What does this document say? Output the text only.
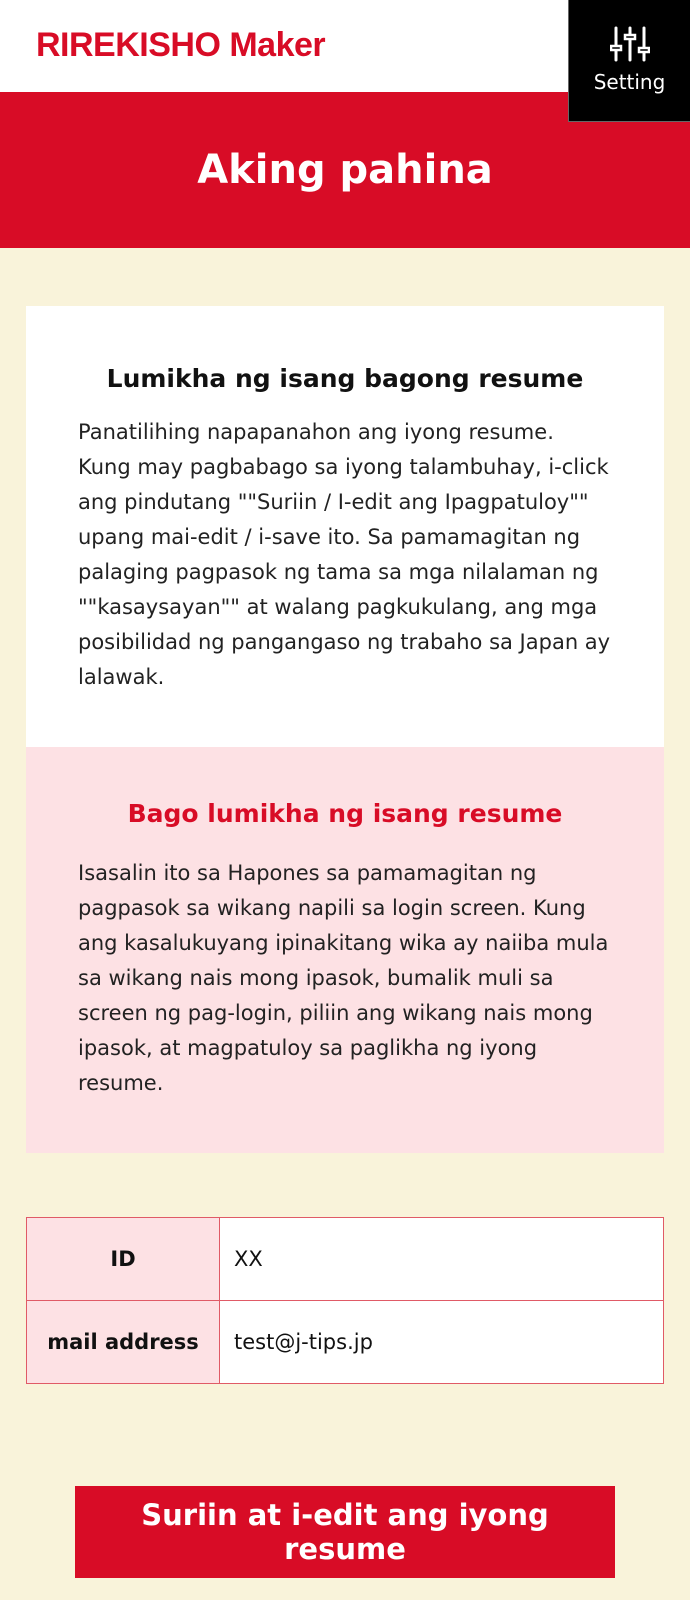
RIREKISHO Maker
Setting
Aking pahina
Lumikha ng isang bagong resume

Panatilihing napapanahon ang iyong resume. Kung may pagbabago sa iyong talambuhay, i-click ang pindutang ""Suriin / I-edit ang Ipagpatuloy"" upang mai-edit / i-save ito. Sa pamamagitan ng palaging pagpasok ng tama sa mga nilalaman ng ""kasaysayan"" at walang pagkukulang, ang mga posibilidad ng pangangaso ng trabaho sa Japan ay lalawak.

Bago lumikha ng isang resume

Isasalin ito sa Hapones sa pamamagitan ng pagpasok sa wikang napili sa login screen. Kung ang kasalukuyang ipinakitang wika ay naiiba mula sa wikang nais mong ipasok, bumalik muli sa screen ng pag-login, piliin ang wikang nais mong ipasok, at magpatuloy sa paglikha ng iyong resume.

ID	XX
mail address	test@j-tips.jp
Suriin at i-edit ang iyong resume
